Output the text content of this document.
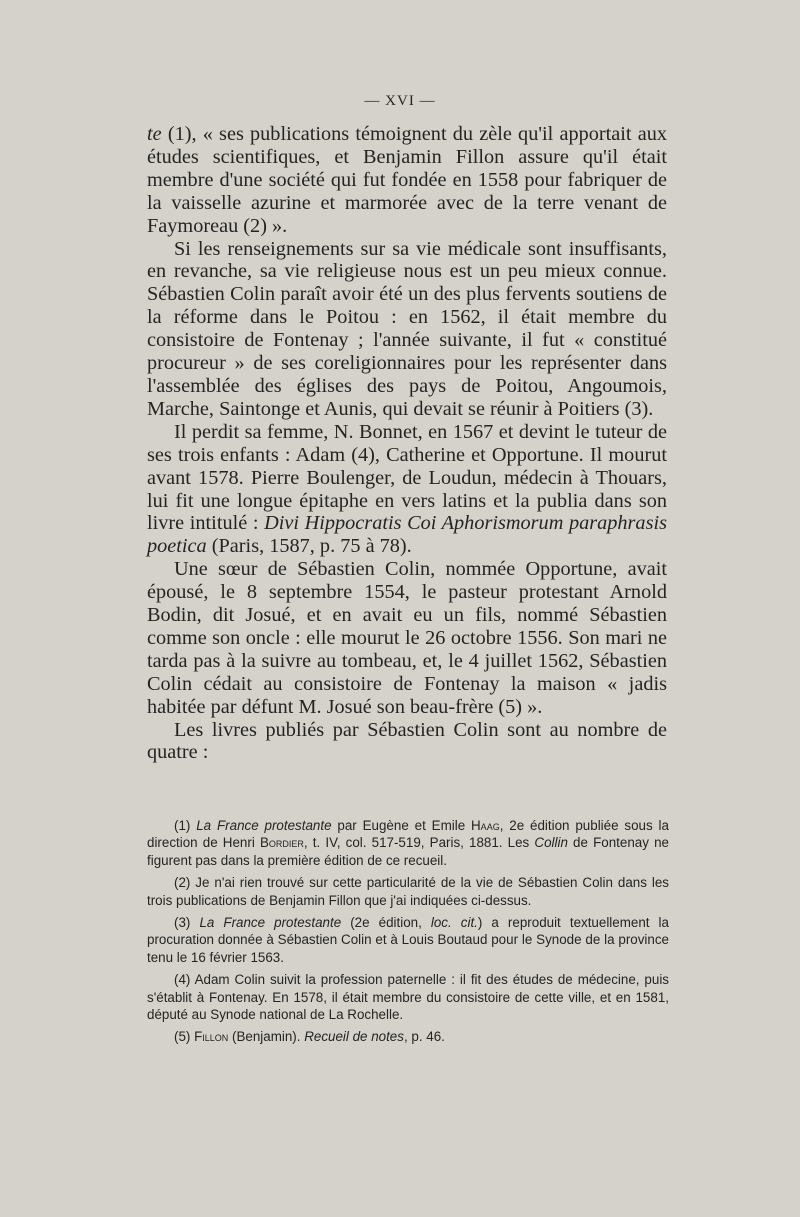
— XVI —

te (1), « ses publications témoignent du zèle qu'il apportait aux études scientifiques, et Benjamin Fillon assure qu'il était membre d'une société qui fut fondée en 1558 pour fabriquer de la vaisselle azurine et marmorée avec de la terre venant de Faymoreau (2) ».

Si les renseignements sur sa vie médicale sont insuffisants, en revanche, sa vie religieuse nous est un peu mieux connue. Sébastien Colin paraît avoir été un des plus fervents soutiens de la réforme dans le Poitou : en 1562, il était membre du consistoire de Fontenay ; l'année suivante, il fut « constitué procureur » de ses coreligionnaires pour les représenter dans l'assemblée des églises des pays de Poitou, Angoumois, Marche, Saintonge et Aunis, qui devait se réunir à Poitiers (3).

Il perdit sa femme, N. Bonnet, en 1567 et devint le tuteur de ses trois enfants : Adam (4), Catherine et Opportune. Il mourut avant 1578. Pierre Boulenger, de Loudun, médecin à Thouars, lui fit une longue épitaphe en vers latins et la publia dans son livre intitulé : Divi Hippocratis Coi Aphorismorum paraphrasis poetica (Paris, 1587, p. 75 à 78).

Une sœur de Sébastien Colin, nommée Opportune, avait épousé, le 8 septembre 1554, le pasteur protestant Arnold Bodin, dit Josué, et en avait eu un fils, nommé Sébastien comme son oncle : elle mourut le 26 octobre 1556. Son mari ne tarda pas à la suivre au tombeau, et, le 4 juillet 1562, Sébastien Colin cédait au consistoire de Fontenay la maison « jadis habitée par défunt M. Josué son beau-frère (5) ».

Les livres publiés par Sébastien Colin sont au nombre de quatre :

(1) La France protestante par Eugène et Emile Haag, 2e édition publiée sous la direction de Henri Bordier, t. IV, col. 517-519, Paris, 1881. Les Collin de Fontenay ne figurent pas dans la première édition de ce recueil.

(2) Je n'ai rien trouvé sur cette particularité de la vie de Sébastien Colin dans les trois publications de Benjamin Fillon que j'ai indiquées ci-dessus.

(3) La France protestante (2e édition, loc. cit.) a reproduit textuellement la procuration donnée à Sébastien Colin et à Louis Boutaud pour le Synode de la province tenu le 16 février 1563.

(4) Adam Colin suivit la profession paternelle : il fit des études de médecine, puis s'établit à Fontenay. En 1578, il était membre du consistoire de cette ville, et en 1581, député au Synode national de La Rochelle.

(5) Fillon (Benjamin). Recueil de notes, p. 46.
